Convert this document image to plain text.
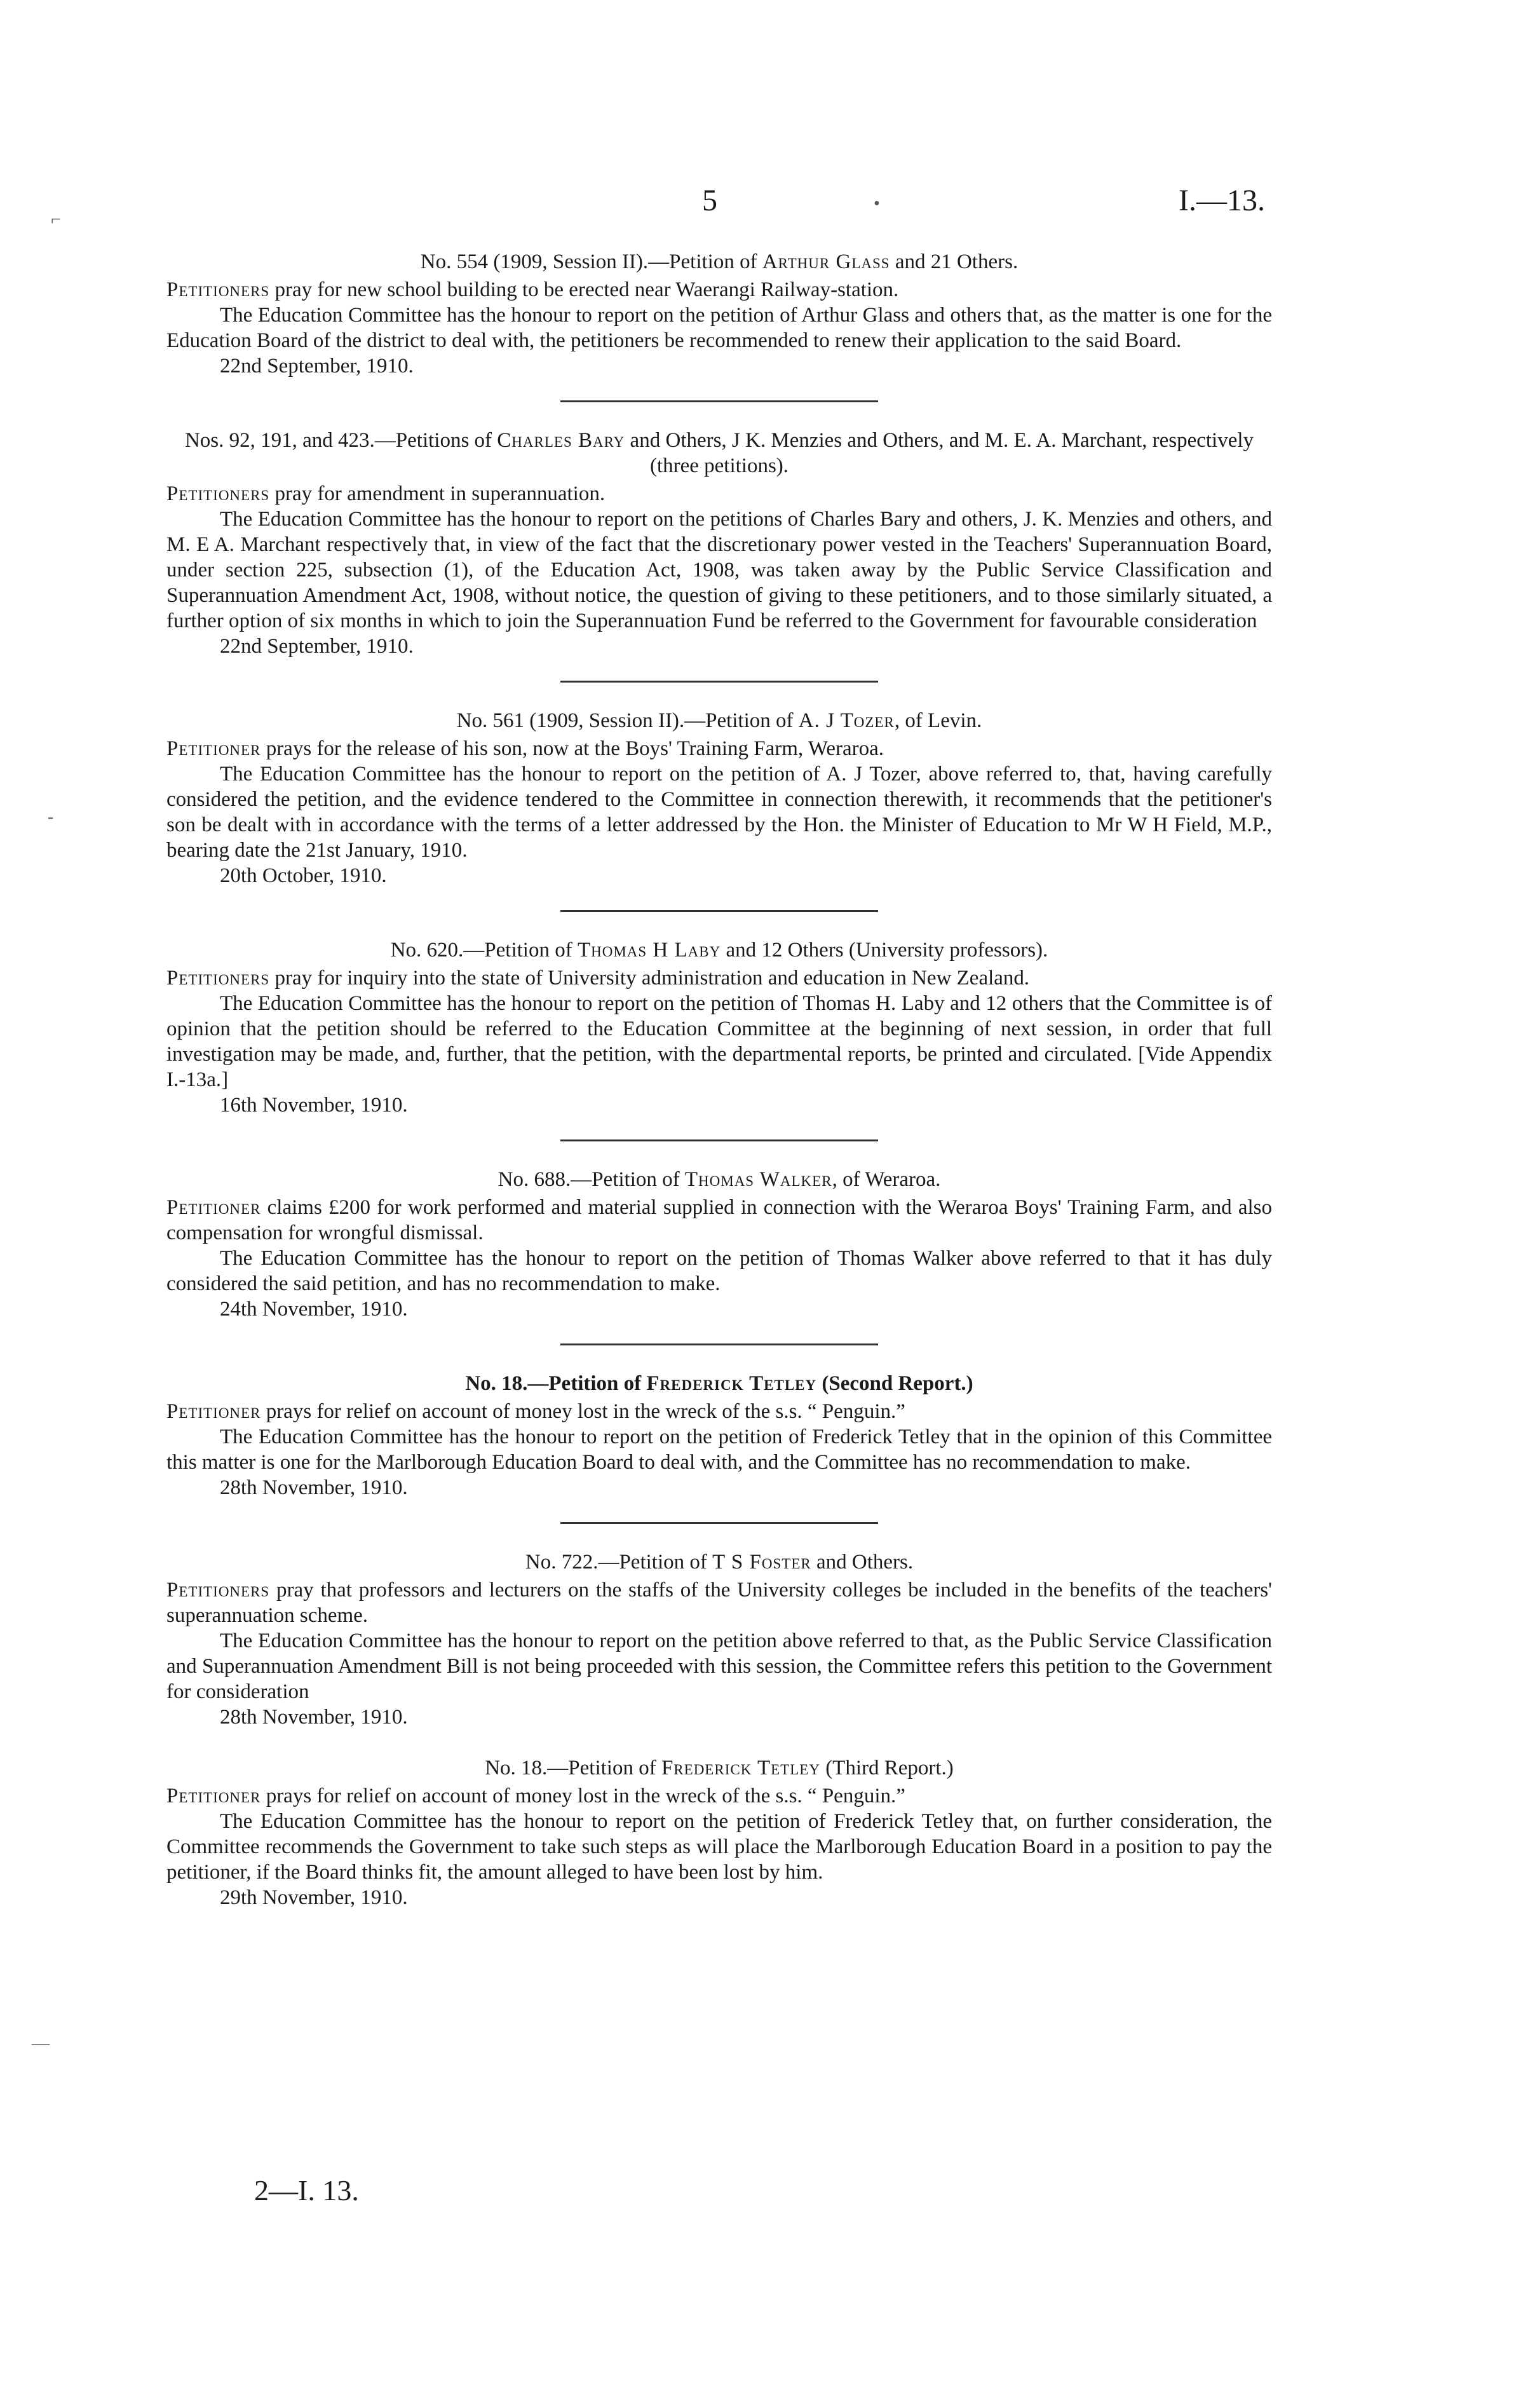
5	I.—13.
•
⌐
-
—

No. 554 (1909, Session II).—Petition of Arthur Glass and 21 Others.

Petitioners pray for new school building to be erected near Waerangi Railway-station.

The Education Committee has the honour to report on the petition of Arthur Glass and others that, as the matter is one for the Education Board of the district to deal with, the petitioners be recommended to renew their application to the said Board.

22nd September, 1910.

Nos. 92, 191, and 423.—Petitions of Charles Bary and Others, J K. Menzies and Others, and M. E. A. Marchant, respectively (three petitions).

Petitioners pray for amendment in superannuation.

The Education Committee has the honour to report on the petitions of Charles Bary and others, J. K. Menzies and others, and M. E A. Marchant respectively that, in view of the fact that the discretionary power vested in the Teachers' Superannuation Board, under section 225, subsection (1), of the Education Act, 1908, was taken away by the Public Service Classification and Superannuation Amendment Act, 1908, without notice, the question of giving to these petitioners, and to those similarly situated, a further option of six months in which to join the Superannuation Fund be referred to the Government for favourable consideration

22nd September, 1910.

No. 561 (1909, Session II).—Petition of A. J Tozer, of Levin.

Petitioner prays for the release of his son, now at the Boys' Training Farm, Weraroa.

The Education Committee has the honour to report on the petition of A. J Tozer, above referred to, that, having carefully considered the petition, and the evidence tendered to the Committee in connection therewith, it recommends that the petitioner's son be dealt with in accordance with the terms of a letter addressed by the Hon. the Minister of Education to Mr W H Field, M.P., bearing date the 21st January, 1910.

20th October, 1910.

No. 620.—Petition of Thomas H Laby and 12 Others (University professors).

Petitioners pray for inquiry into the state of University administration and education in New Zealand.

The Education Committee has the honour to report on the petition of Thomas H. Laby and 12 others that the Committee is of opinion that the petition should be referred to the Education Committee at the beginning of next session, in order that full investigation may be made, and, further, that the petition, with the departmental reports, be printed and circulated. [Vide Appendix I.-13a.]

16th November, 1910.

No. 688.—Petition of Thomas Walker, of Weraroa.

Petitioner claims £200 for work performed and material supplied in connection with the Weraroa Boys' Training Farm, and also compensation for wrongful dismissal.

The Education Committee has the honour to report on the petition of Thomas Walker above referred to that it has duly considered the said petition, and has no recommendation to make.

24th November, 1910.

No. 18.—Petition of Frederick Tetley (Second Report.)

Petitioner prays for relief on account of money lost in the wreck of the s.s. “ Penguin.”

The Education Committee has the honour to report on the petition of Frederick Tetley that in the opinion of this Committee this matter is one for the Marlborough Education Board to deal with, and the Committee has no recommendation to make.

28th November, 1910.

No. 722.—Petition of T S Foster and Others.

Petitioners pray that professors and lecturers on the staffs of the University colleges be included in the benefits of the teachers' superannuation scheme.

The Education Committee has the honour to report on the petition above referred to that, as the Public Service Classification and Superannuation Amendment Bill is not being proceeded with this session, the Committee refers this petition to the Government for consideration

28th November, 1910.

No. 18.—Petition of Frederick Tetley (Third Report.)

Petitioner prays for relief on account of money lost in the wreck of the s.s. “ Penguin.”

The Education Committee has the honour to report on the petition of Frederick Tetley that, on further consideration, the Committee recommends the Government to take such steps as will place the Marlborough Education Board in a position to pay the petitioner, if the Board thinks fit, the amount alleged to have been lost by him.

29th November, 1910.

2—I. 13.
